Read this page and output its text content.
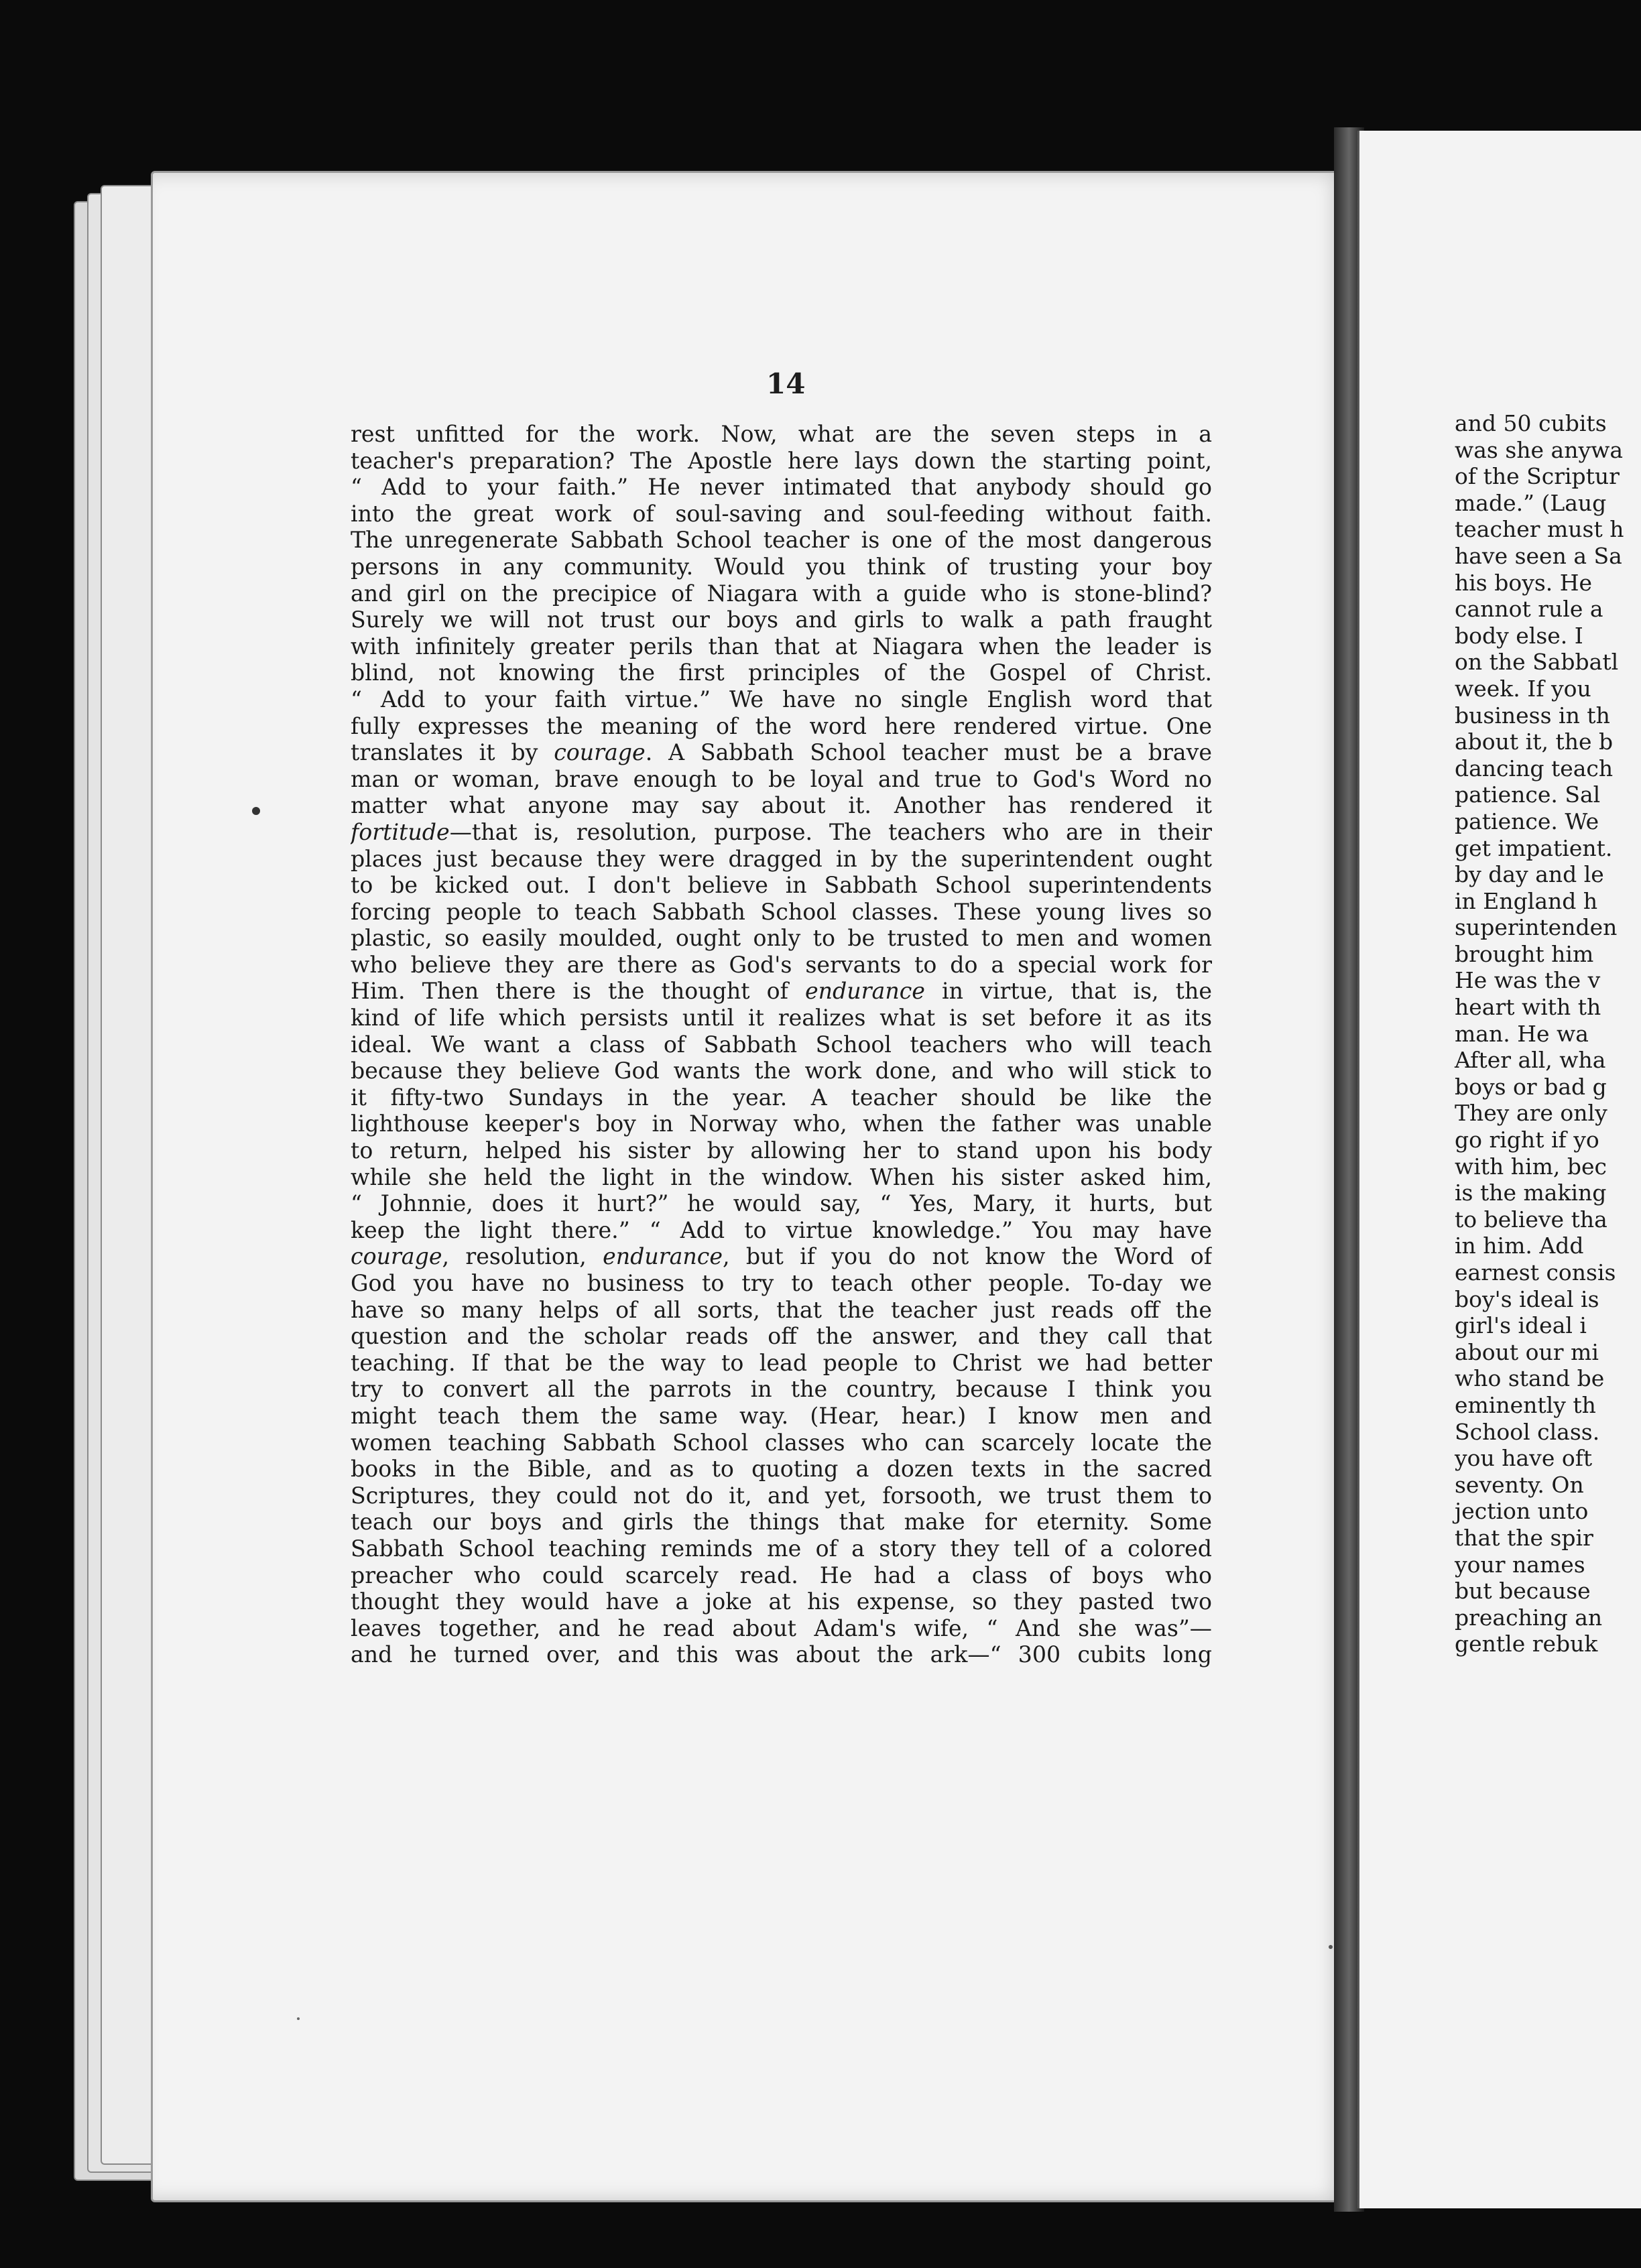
14
rest unfitted for the work. Now, what are the seven steps in a
teacher's preparation? The Apostle here lays down the starting point,
“ Add to your faith.” He never intimated that anybody should go
into the great work of soul-saving and soul-feeding without faith.
The unregenerate Sabbath School teacher is one of the most dangerous
persons in any community. Would you think of trusting your boy
and girl on the precipice of Niagara with a guide who is stone-blind?
Surely we will not trust our boys and girls to walk a path fraught
with infinitely greater perils than that at Niagara when the leader is
blind, not knowing the first principles of the Gospel of Christ.
“ Add to your faith virtue.” We have no single English word that
fully expresses the meaning of the word here rendered virtue. One
translates it by courage. A Sabbath School teacher must be a brave
man or woman, brave enough to be loyal and true to God's Word no
matter what anyone may say about it. Another has rendered it
fortitude—that is, resolution, purpose. The teachers who are in their
places just because they were dragged in by the superintendent ought
to be kicked out. I don't believe in Sabbath School superintendents
forcing people to teach Sabbath School classes. These young lives so
plastic, so easily moulded, ought only to be trusted to men and women
who believe they are there as God's servants to do a special work for
Him. Then there is the thought of endurance in virtue, that is, the
kind of life which persists until it realizes what is set before it as its
ideal. We want a class of Sabbath School teachers who will teach
because they believe God wants the work done, and who will stick to
it fifty-two Sundays in the year. A teacher should be like the
lighthouse keeper's boy in Norway who, when the father was unable
to return, helped his sister by allowing her to stand upon his body
while she held the light in the window. When his sister asked him,
“ Johnnie, does it hurt?” he would say, “ Yes, Mary, it hurts, but
keep the light there.” “ Add to virtue knowledge.” You may have
courage, resolution, endurance, but if you do not know the Word of
God you have no business to try to teach other people. To-day we
have so many helps of all sorts, that the teacher just reads off the
question and the scholar reads off the answer, and they call that
teaching. If that be the way to lead people to Christ we had better
try to convert all the parrots in the country, because I think you
might teach them the same way. (Hear, hear.) I know men and
women teaching Sabbath School classes who can scarcely locate the
books in the Bible, and as to quoting a dozen texts in the sacred
Scriptures, they could not do it, and yet, forsooth, we trust them to
teach our boys and girls the things that make for eternity. Some
Sabbath School teaching reminds me of a story they tell of a colored
preacher who could scarcely read. He had a class of boys who
thought they would have a joke at his expense, so they pasted two
leaves together, and he read about Adam's wife, “ And she was”—
and he turned over, and this was about the ark—“ 300 cubits long
and 50 cubits
was she anywa
of the Scriptur
made.” (Laug
teacher must h
have seen a Sa
his boys. He
cannot rule a
body else. I
on the Sabbatl
week. If you
business in th
about it, the b
dancing teach
patience. Sal
patience. We
get impatient.
by day and le
in England h
superintenden
brought him
He was the v
heart with th
man. He wa
After all, wha
boys or bad g
They are only
go right if yo
with him, bec
is the making
to believe tha
in him. Add
earnest consis
boy's ideal is
girl's ideal i
about our mi
who stand be
eminently th
School class.
you have oft
seventy. On
jection unto
that the spir
your names
but because
preaching an
gentle rebuk
